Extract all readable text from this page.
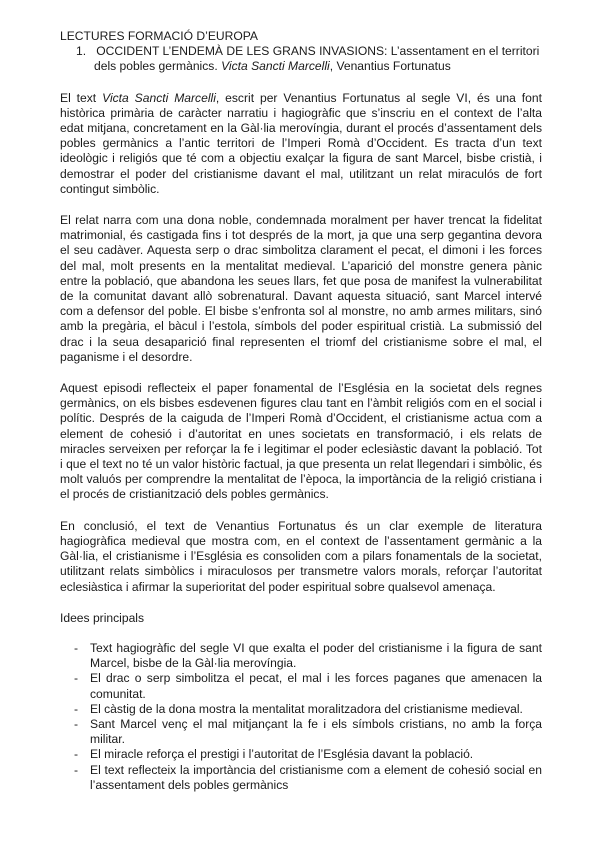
LECTURES FORMACIÓ D’EUROPA

1. OCCIDENT L’ENDEMÀ DE LES GRANS INVASIONS: L’assentament en el territori dels pobles germànics. Victa Sancti Marcelli, Venantius Fortunatus

El text Victa Sancti Marcelli, escrit per Venantius Fortunatus al segle VI, és una font històrica primària de caràcter narratiu i hagiogràfic que s’inscriu en el context de l’alta edat mitjana, concretament en la Gàl·lia merovíngia, durant el procés d’assentament dels pobles germànics a l’antic territori de l’Imperi Romà d’Occident. Es tracta d’un text ideològic i religiós que té com a objectiu exalçar la figura de sant Marcel, bisbe cristià, i demostrar el poder del cristianisme davant el mal, utilitzant un relat miraculós de fort contingut simbòlic.

El relat narra com una dona noble, condemnada moralment per haver trencat la fidelitat matrimonial, és castigada fins i tot després de la mort, ja que una serp gegantina devora el seu cadàver. Aquesta serp o drac simbolitza clarament el pecat, el dimoni i les forces del mal, molt presents en la mentalitat medieval. L’aparició del monstre genera pànic entre la població, que abandona les seues llars, fet que posa de manifest la vulnerabilitat de la comunitat davant allò sobrenatural. Davant aquesta situació, sant Marcel intervé com a defensor del poble. El bisbe s’enfronta sol al monstre, no amb armes militars, sinó amb la pregària, el bàcul i l’estola, símbols del poder espiritual cristià. La submissió del drac i la seua desaparició final representen el triomf del cristianisme sobre el mal, el paganisme i el desordre.

Aquest episodi reflecteix el paper fonamental de l’Església en la societat dels regnes germànics, on els bisbes esdevenen figures clau tant en l’àmbit religiós com en el social i polític. Després de la caiguda de l’Imperi Romà d’Occident, el cristianisme actua com a element de cohesió i d’autoritat en unes societats en transformació, i els relats de miracles serveixen per reforçar la fe i legitimar el poder eclesiàstic davant la població. Tot i que el text no té un valor històric factual, ja que presenta un relat llegendari i simbòlic, és molt valuós per comprendre la mentalitat de l’època, la importància de la religió cristiana i el procés de cristianització dels pobles germànics.

En conclusió, el text de Venantius Fortunatus és un clar exemple de literatura hagiogràfica medieval que mostra com, en el context de l’assentament germànic a la Gàl·lia, el cristianisme i l’Església es consoliden com a pilars fonamentals de la societat, utilitzant relats simbòlics i miraculosos per transmetre valors morals, reforçar l’autoritat eclesiàstica i afirmar la superioritat del poder espiritual sobre qualsevol amenaça.

Idees principals

- Text hagiogràfic del segle VI que exalta el poder del cristianisme i la figura de sant Marcel, bisbe de la Gàl·lia merovíngia.
- El drac o serp simbolitza el pecat, el mal i les forces paganes que amenacen la comunitat.
- El càstig de la dona mostra la mentalitat moralitzadora del cristianisme medieval.
- Sant Marcel venç el mal mitjançant la fe i els símbols cristians, no amb la força militar.
- El miracle reforça el prestigi i l’autoritat de l’Església davant la població.
- El text reflecteix la importància del cristianisme com a element de cohesió social en l’assentament dels pobles germànics
